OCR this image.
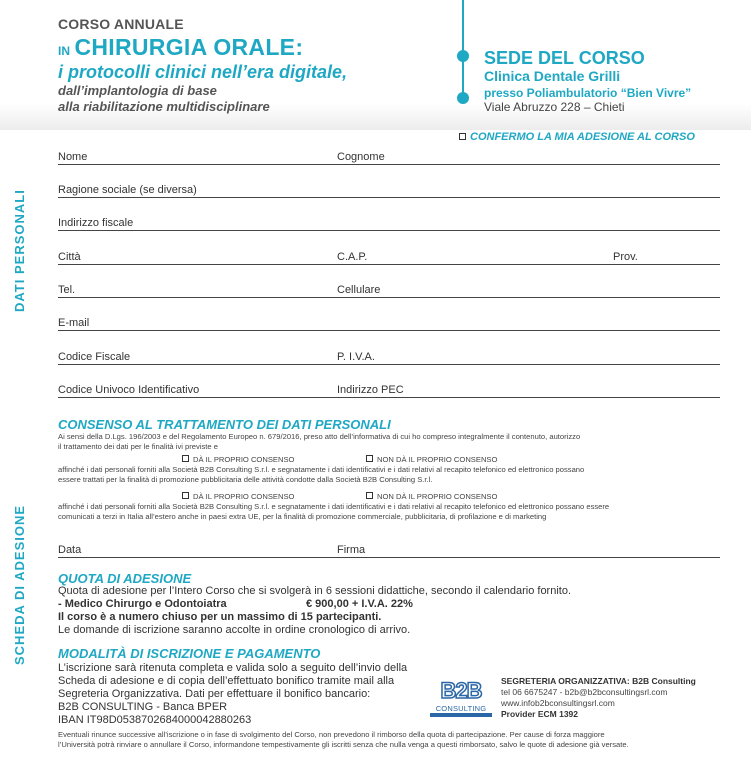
CORSO ANNUALE
IN CHIRURGIA ORALE:
i protocolli clinici nell’era digitale,
dall’implantologia di base
alla riabilitazione multidisciplinare
SEDE DEL CORSO
Clinica Dentale Grilli
presso Poliambulatorio “Bien Vivre”
Viale Abruzzo 228 – Chieti
DATI PERSONALI
SCHEDA DI ADESIONE
CONFERMO LA MIA ADESIONE AL CORSO
Nome	Cognome
Ragione sociale (se diversa)
Indirizzo fiscale
Città	C.A.P.	Prov.
Tel.	Cellulare
E-mail
Codice Fiscale	P. I.V.A.
Codice Univoco Identificativo	Indirizzo PEC
CONSENSO AL TRATTAMENTO DEI DATI PERSONALI
Ai sensi della D.Lgs. 196/2003 e del Regolamento Europeo n. 679/2016, preso atto dell’informativa di cui ho compreso integralmente il contenuto, autorizzo
il trattamento dei dati per le finalità ivi previste e
DÀ IL PROPRIO CONSENSO	NON DÀ IL PROPRIO CONSENSO
affinché i dati personali forniti alla Società B2B Consulting S.r.l. e segnatamente i dati identificativi e i dati relativi al recapito telefonico ed elettronico possano
essere trattati per la finalità di promozione pubblicitaria delle attività condotte dalla Società B2B Consulting S.r.l.
DÀ IL PROPRIO CONSENSO	NON DÀ IL PROPRIO CONSENSO
affinché i dati personali forniti alla Società B2B Consulting S.r.l. e segnatamente i dati identificativi e i dati relativi al recapito telefonico ed elettronico possano essere
comunicati a terzi in Italia all’estero anche in paesi extra UE, per la finalità di promozione commerciale, pubblicitaria, di profilazione e di marketing
Data	Firma
QUOTA DI ADESIONE
Quota di adesione per l’Intero Corso che si svolgerà in 6 sessioni didattiche, secondo il calendario fornito.
- Medico Chirurgo e Odontoiatra	€ 900,00 + I.V.A. 22%
Il corso è a numero chiuso per un massimo di 15 partecipanti.
Le domande di iscrizione saranno accolte in ordine cronologico di arrivo.
MODALITÀ DI ISCRIZIONE E PAGAMENTO
L’iscrizione sarà ritenuta completa e valida solo a seguito dell’invio della
Scheda di adesione e di copia dell’effettuato bonifico tramite mail alla
Segreteria Organizzativa. Dati per effettuare il bonifico bancario:
B2B CONSULTING - Banca BPER
IBAN IT98D0538702684000042880263
B2B
CONSULTING
SEGRETERIA ORGANIZZATIVA: B2B Consulting
tel 06 6675247 - b2b@b2bconsultingsrl.com
www.infob2bconsultingsrl.com
Provider ECM 1392
Eventuali rinunce successive all’iscrizione o in fase di svolgimento del Corso, non prevedono il rimborso della quota di partecipazione. Per cause di forza maggiore
l’Università potrà rinviare o annullare il Corso, informandone tempestivamente gli iscritti senza che nulla venga a questi rimborsato, salvo le quote di adesione già versate.
